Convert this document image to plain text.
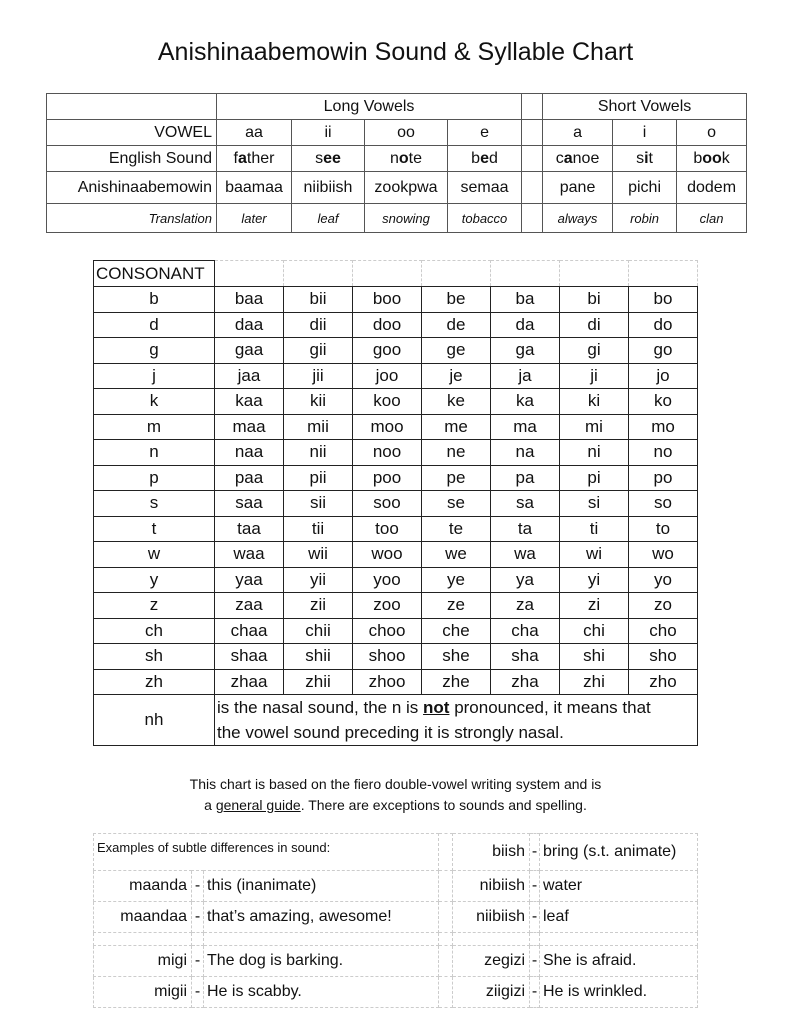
Anishinaabemowin Sound & Syllable Chart
	Long Vowels					Short Vowels		
VOWEL	aa	ii	oo	e		a	i	o
English Sound	father	see	note	bed		canoe	sit	book
Anishinaabemowin	baamaa	niibiish	zookpwa	semaa		pane	pichi	dodem
Translation	later	leaf	snowing	tobacco		always	robin	clan
CONSONANT							
b	baa	bii	boo	be	ba	bi	bo
d	daa	dii	doo	de	da	di	do
g	gaa	gii	goo	ge	ga	gi	go
j	jaa	jii	joo	je	ja	ji	jo
k	kaa	kii	koo	ke	ka	ki	ko
m	maa	mii	moo	me	ma	mi	mo
n	naa	nii	noo	ne	na	ni	no
p	paa	pii	poo	pe	pa	pi	po
s	saa	sii	soo	se	sa	si	so
t	taa	tii	too	te	ta	ti	to
w	waa	wii	woo	we	wa	wi	wo
y	yaa	yii	yoo	ye	ya	yi	yo
z	zaa	zii	zoo	ze	za	zi	zo
ch	chaa	chii	choo	che	cha	chi	cho
sh	shaa	shii	shoo	she	sha	shi	sho
zh	zhaa	zhii	zhoo	zhe	zha	zhi	zho
nh	is the nasal sound, the n is not pronounced, it means that
the vowel sound preceding it is strongly nasal.						
This chart is based on the fiero double-vowel writing system and is
a general guide. There are exceptions to sounds and spelling.
Examples of subtle differences in sound:				biish	-	bring (s.t. animate)
maanda	-	this (inanimate)		nibiish	-	water
maandaa	-	that’s amazing, awesome!		niibiish	-	leaf

migi	-	The dog is barking.		zegizi	-	She is afraid.
migii	-	He is scabby.		ziigizi	-	He is wrinkled.
